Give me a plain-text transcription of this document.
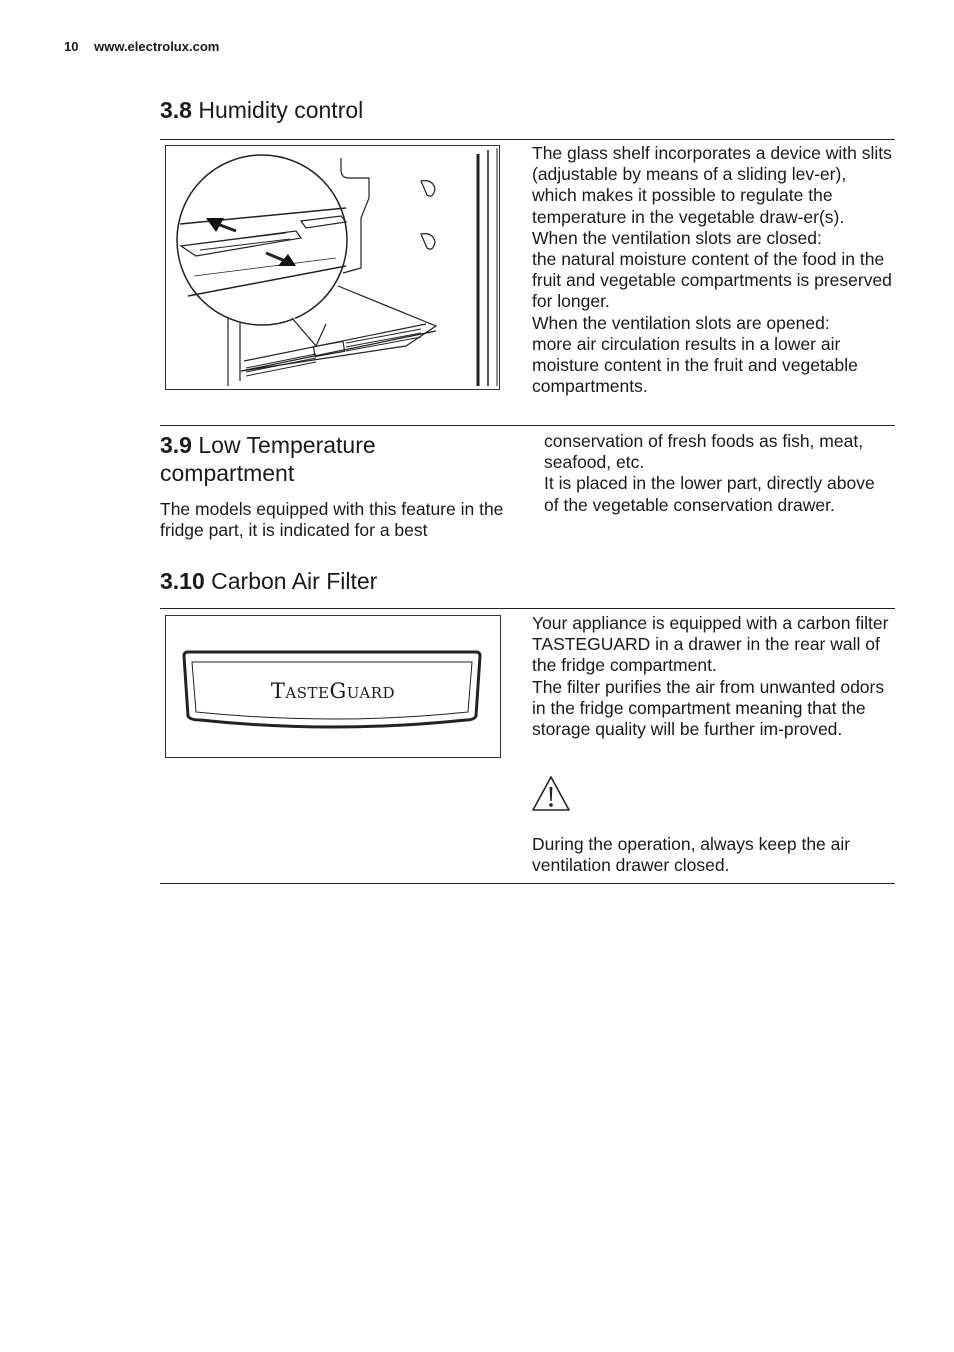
10 www.electrolux.com
3.8 Humidity control

The glass shelf incorporates a device with slits (adjustable by means of a sliding lev-er), which makes it possible to regulate the temperature in the vegetable draw-er(s).

When the ventilation slots are closed:

the natural moisture content of the food in the fruit and vegetable compartments is preserved for longer.

When the ventilation slots are opened:

more air circulation results in a lower air moisture content in the fruit and vegetable compartments.

3.9 Low Temperature
compartment

The models equipped with this feature in the fridge part, it is indicated for a best

conservation of fresh foods as fish, meat, seafood, etc.

It is placed in the lower part, directly above of the vegetable conservation drawer.

3.10 Carbon Air Filter
TasteGuard

Your appliance is equipped with a carbon filter TASTEGUARD in a drawer in the rear wall of the fridge compartment.

The filter purifies the air from unwanted odors in the fridge compartment meaning that the storage quality will be further im-proved.

During the operation, always keep the air ventilation drawer closed.
